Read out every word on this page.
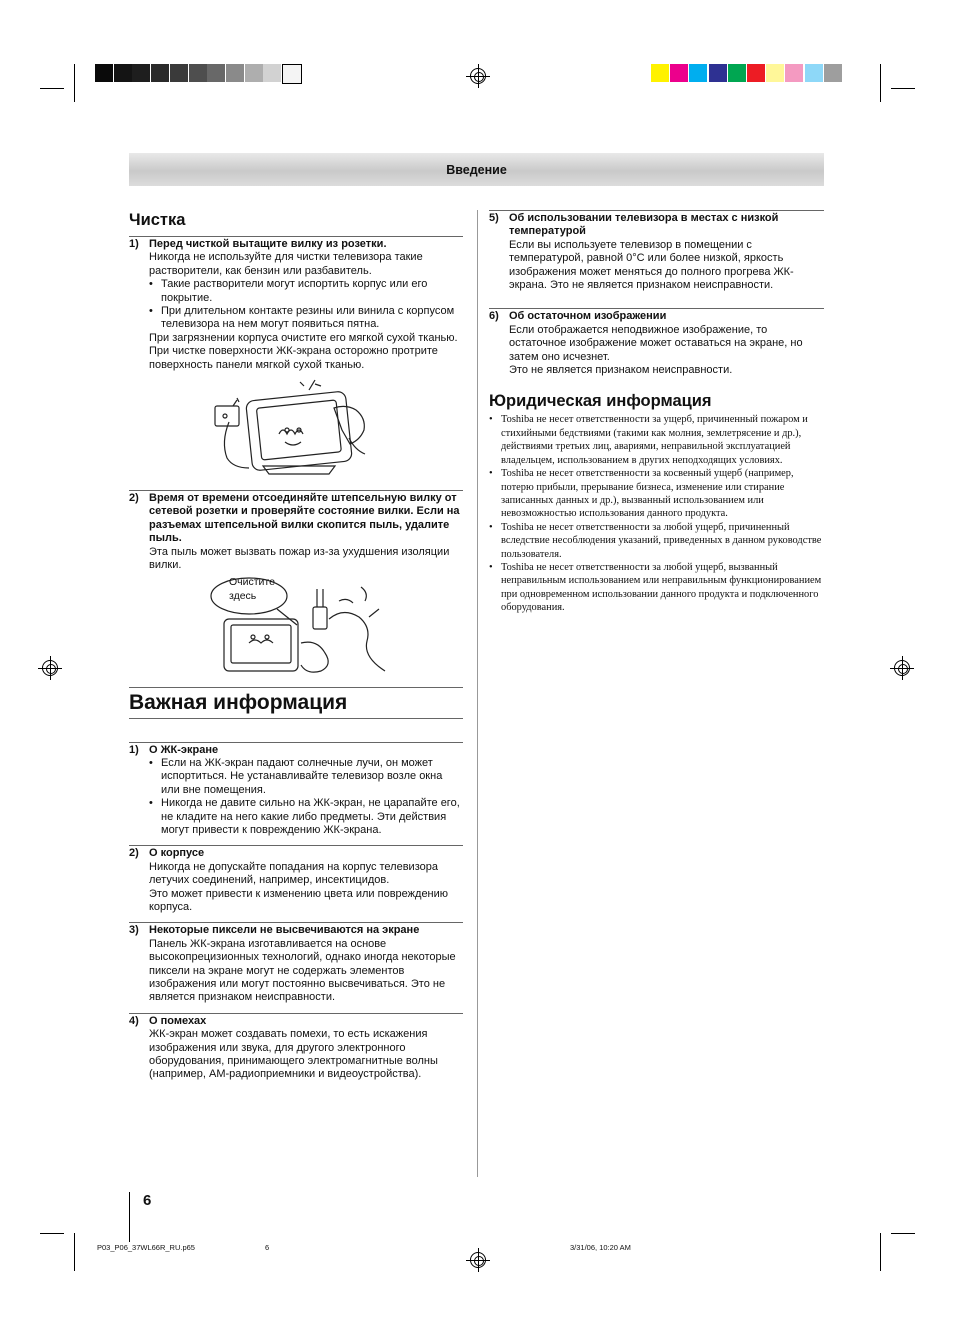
Введение
Чистка
1) Перед чисткой вытащите вилку из розетки.
Никогда не используйте для чистки телевизора такие растворители, как бензин или разбавитель.
• Такие растворители могут испортить корпус или его покрытие.
• При длительном контакте резины или винила с корпусом телевизора на нем могут появиться пятна.
При загрязнении корпуса очистите его мягкой сухой тканью.
При чистке поверхности ЖК-экрана осторожно протрите поверхность панели мягкой сухой тканью.
2) Время от времени отсоединяйте штепсельную вилку от сетевой розетки и проверяйте состояние вилки. Если на разъемах штепсельной вилки скопится пыль, удалите пыль.
Эта пыль может вызвать пожар из-за ухудшения изоляции вилки.
Очистите
здесь
Важная информация
1) О ЖК-экране
• Если на ЖК-экран падают солнечные лучи, он может испортиться. Не устанавливайте телевизор возле окна или вне помещения.
• Никогда не давите сильно на ЖК-экран, не царапайте его, не кладите на него какие либо предметы. Эти действия могут привести к повреждению ЖК-экрана.
2) О корпусе
Никогда не допускайте попадания на корпус телевизора летучих соединений, например, инсектицидов.
Это может привести к изменению цвета или повреждению корпуса.
3) Некоторые пиксели не высвечиваются на экране
Панель ЖК-экрана изготавливается на основе высокопрецизионных технологий, однако иногда некоторые пиксели на экране могут не содержать элементов изображения или могут постоянно высвечиваться. Это не является признаком неисправности.
4) О помехах
ЖК-экран может создавать помехи, то есть искажения изображения или звука, для другого электронного оборудования, принимающего электромагнитные волны (например, АМ-радиоприемники и видеоустройства).
5) Об использовании телевизора в местах с низкой температурой
Если вы используете телевизор в помещении с температурой, равной 0°С или более низкой, яркость изображения может меняться до полного прогрева ЖК-экрана. Это не является признаком неисправности.
6) Об остаточном изображении
Если отображается неподвижное изображение, то остаточное изображение может оставаться на экране, но затем оно исчезнет.
Это не является признаком неисправности.
Юридическая информация
• Toshiba не несет ответственности за ущерб, причиненный пожаром и стихийными бедствиями (такими как молния, землетрясение и др.), действиями третьих лиц, авариями, неправильной эксплуатацией владельцем, использованием в других неподходящих условиях.
• Toshiba не несет ответственности за косвенный ущерб (например, потерю прибыли, прерывание бизнеса, изменение или стирание записанных данных и др.), вызванный использованием или невозможностью использования данного продукта.
• Toshiba не несет ответственности за любой ущерб, причиненный вследствие несоблюдения указаний, приведенных в данном руководстве пользователя.
• Toshiba не несет ответственности за любой ущерб, вызванный неправильным использованием или неправильным функционированием при одновременном использовании данного продукта и подключенного оборудования.
6
P03_P06_37WL66R_RU.p65	6	3/31/06, 10:20 AM
